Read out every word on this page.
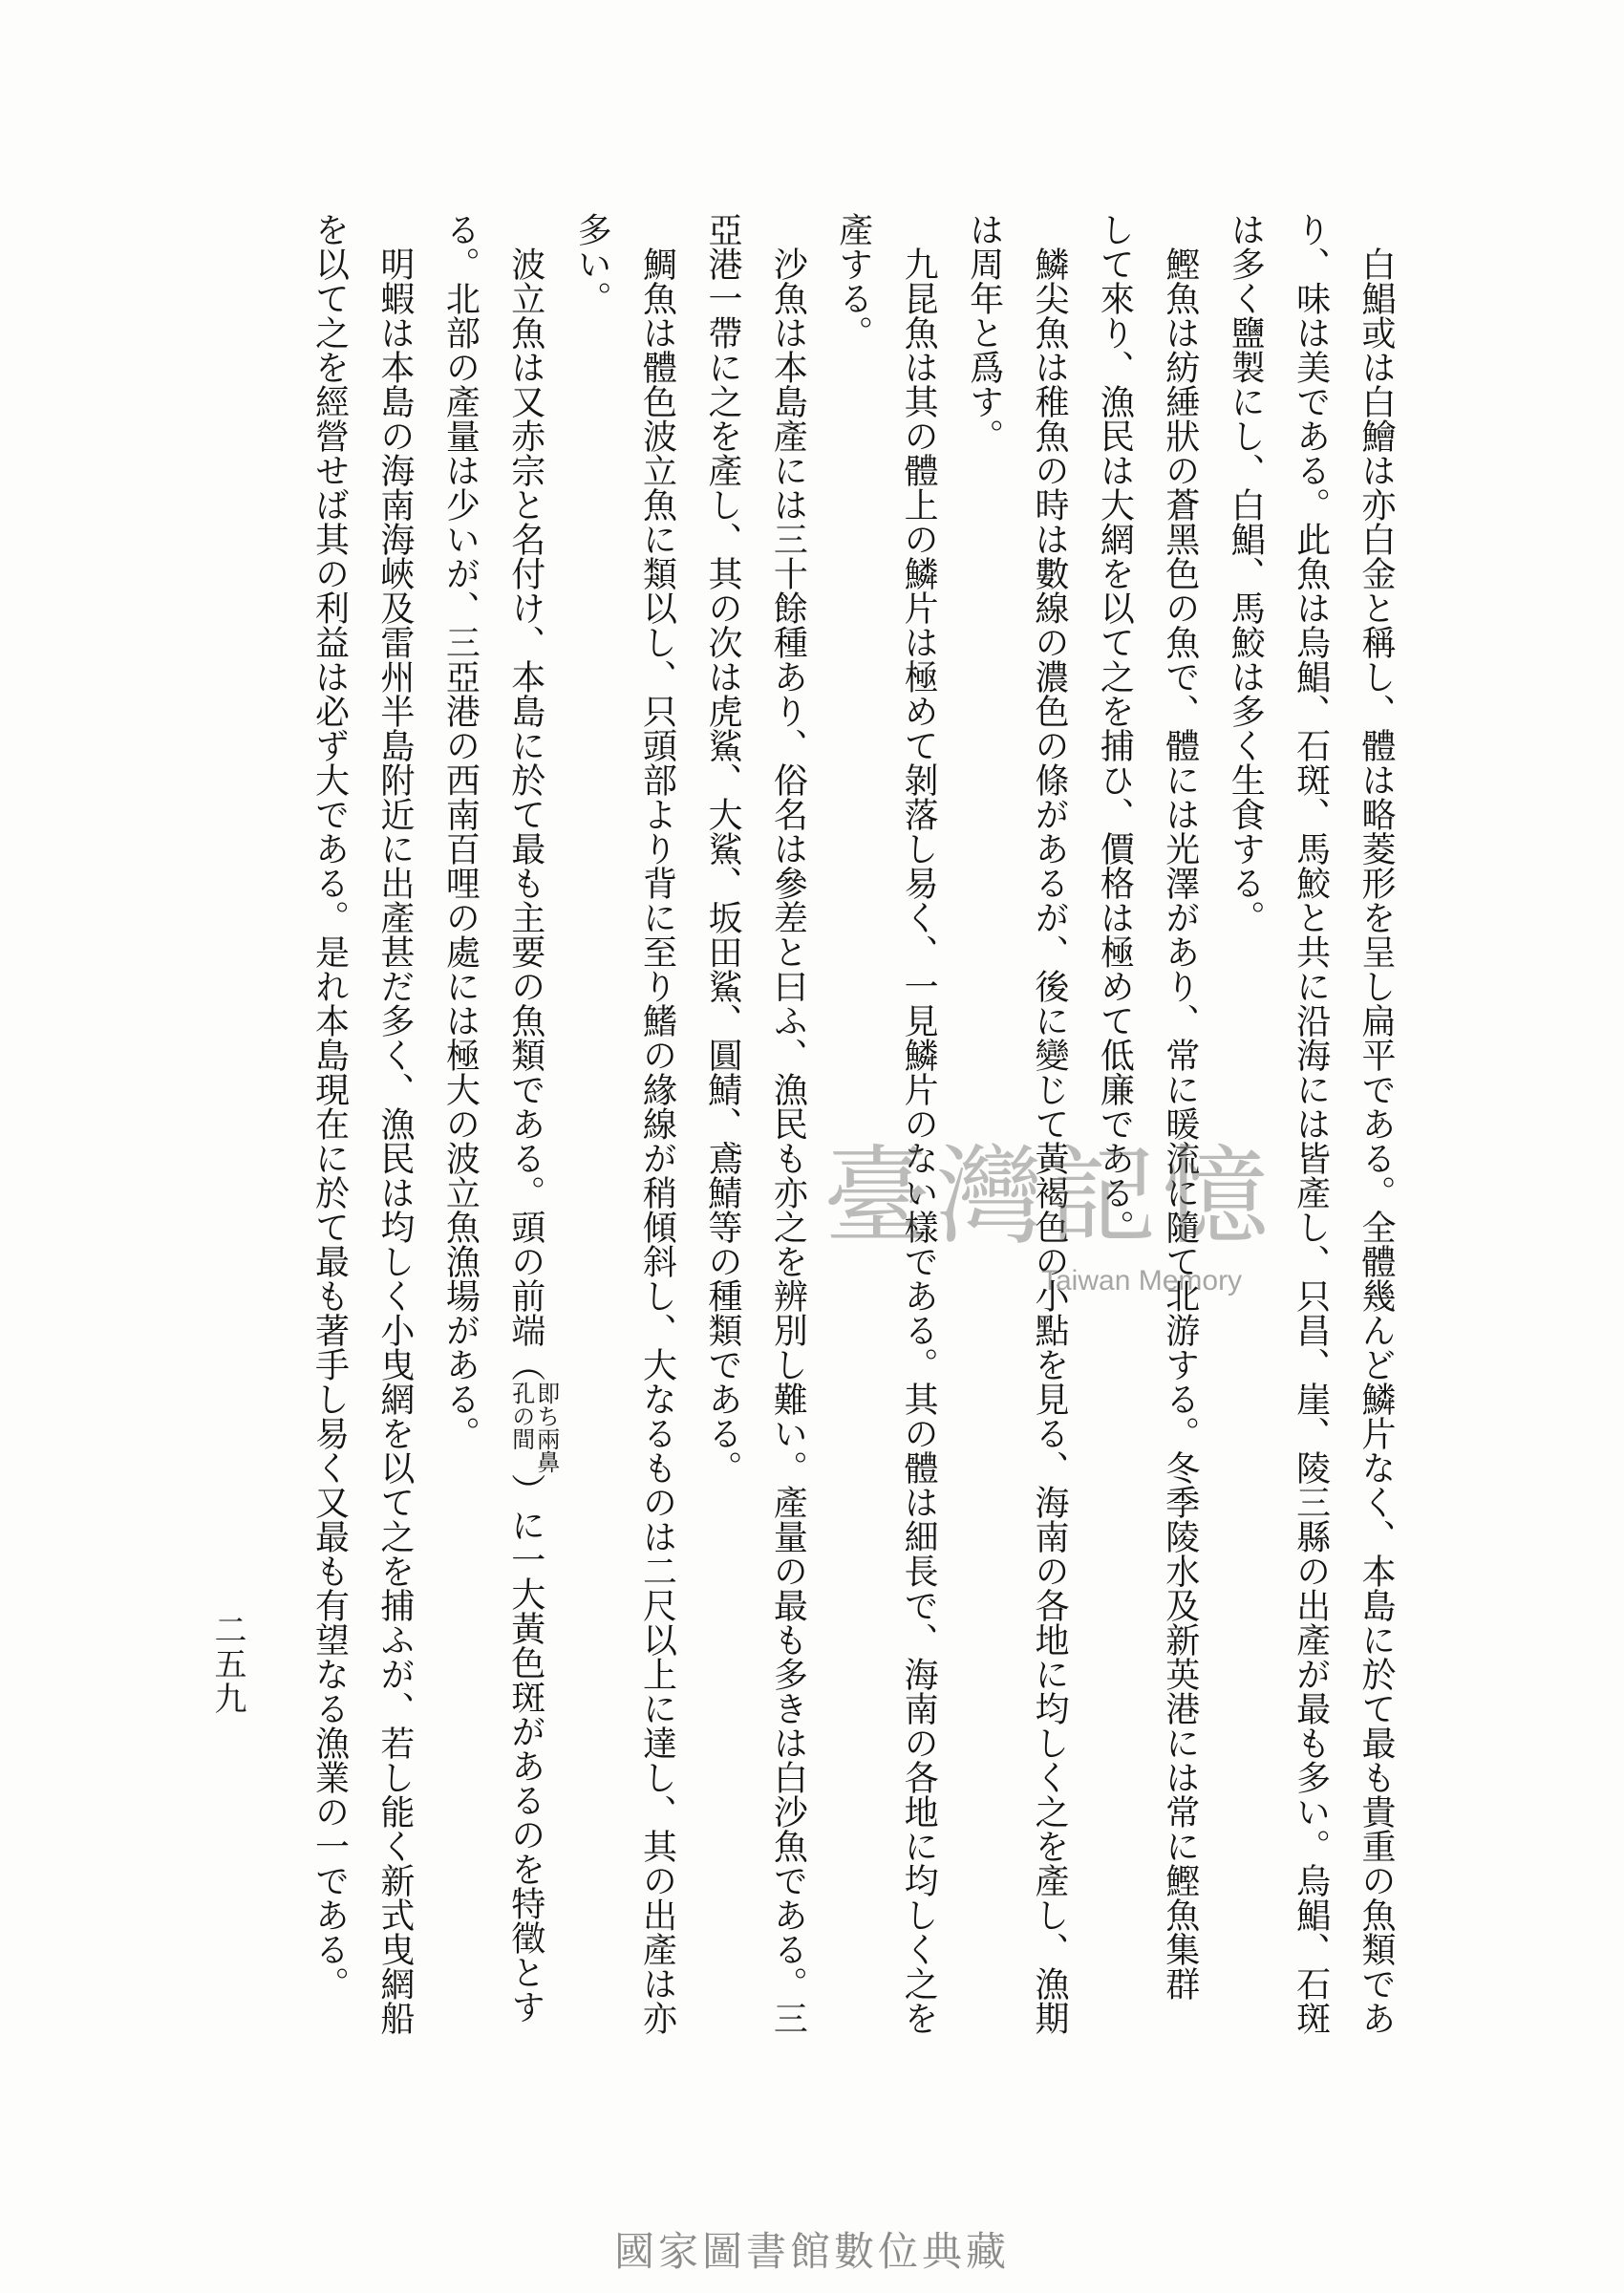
白鯧或は白鱠は亦白金と稱し、體は略菱形を呈し扁平である。全體幾んど鱗片なく、本島に於て最も貴重の魚類であ
り、味は美である。此魚は烏鯧、石斑、馬鮫と共に沿海には皆產し、只昌、崖、陵三縣の出產が最も多い。烏鯧、石斑
は多く鹽製にし、白鯧、馬鮫は多く生食する。
鰹魚は紡綞狀の蒼黑色の魚で、體には光澤があり、常に暖流に隨て北游する。冬季陵水及新英港には常に鰹魚集群
して來り、漁民は大網を以て之を捕ひ、價格は極めて低廉である。
鱗尖魚は稚魚の時は數線の濃色の條があるが、後に變じて黃褐色の小點を見る、海南の各地に均しく之を產し、漁期
は周年と爲す。
九昆魚は其の體上の鱗片は極めて剝落し易く、一見鱗片のない樣である。其の體は細長で、海南の各地に均しく之を
產する。
沙魚は本島產には三十餘種あり、俗名は參差と曰ふ、漁民も亦之を辨別し難い。產量の最も多きは白沙魚である。三
亞港一帶に之を產し、其の次は虎鯊、大鯊、坂田鯊、圓鯖、鳶鯖等の種類である。
鯛魚は體色波立魚に類以し、只頭部より背に至り鰭の緣線が稍傾斜し、大なるものは二尺以上に達し、其の出產は亦
多い。
波立魚は又赤宗と名付け、本島に於て最も主要の魚類である。頭の前端（
即ち兩鼻
孔の間
）に一大黃色斑があるのを特徵とす
る。北部の產量は少いが、三亞港の西南百哩の處には極大の波立魚漁場がある。
明蝦は本島の海南海峽及雷州半島附近に出產甚だ多く、漁民は均しく小曳網を以て之を捕ふが、若し能く新式曳網船
を以て之を經營せば其の利益は必ず大である。是れ本島現在に於て最も著手し易く又最も有望なる漁業の一である。
二五九
臺灣記憶
Taiwan Memory
國家圖書館數位典藏
